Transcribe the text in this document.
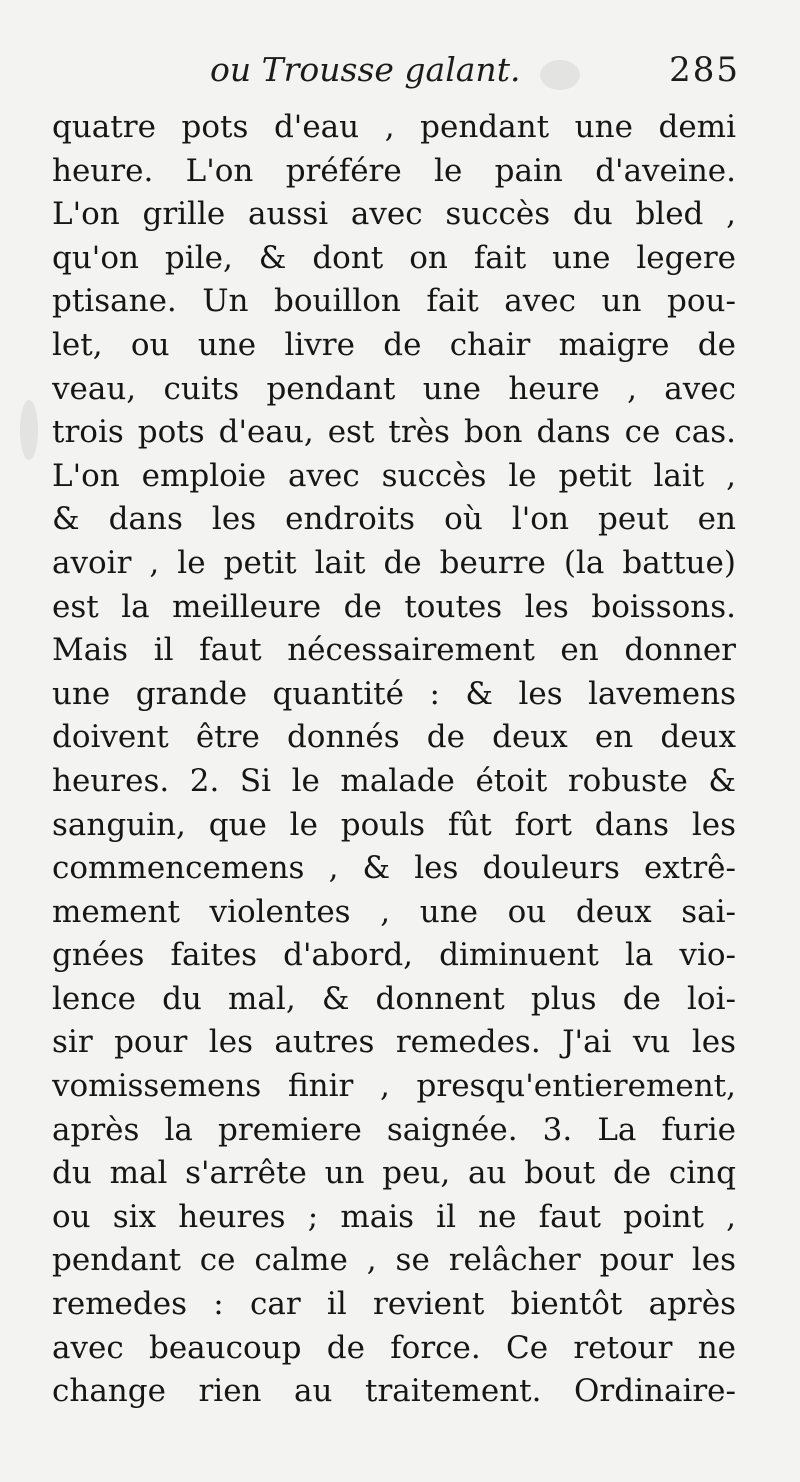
ou Trousse galant.	285
quatre pots d'eau , pendant une demi
heure. L'on préfére le pain d'aveine.
L'on grille aussi avec succès du bled ,
qu'on pile, & dont on fait une legere
ptisane. Un bouillon fait avec un pou-
let, ou une livre de chair maigre de
veau, cuits pendant une heure , avec
trois pots d'eau, est très bon dans ce cas.
L'on emploie avec succès le petit lait ,
& dans les endroits où l'on peut en
avoir , le petit lait de beurre (la battue)
est la meilleure de toutes les boissons.
Mais il faut nécessairement en donner
une grande quantité : & les lavemens
doivent être donnés de deux en deux
heures. 2. Si le malade étoit robuste &
sanguin, que le pouls fût fort dans les
commencemens , & les douleurs extrê-
mement violentes , une ou deux sai-
gnées faites d'abord, diminuent la vio-
lence du mal, & donnent plus de loi-
sir pour les autres remedes. J'ai vu les
vomissemens finir , presqu'entierement,
après la premiere saignée. 3. La furie
du mal s'arrête un peu, au bout de cinq
ou six heures ; mais il ne faut point ,
pendant ce calme , se relâcher pour les
remedes : car il revient bientôt après
avec beaucoup de force. Ce retour ne
change rien au traitement. Ordinaire-
